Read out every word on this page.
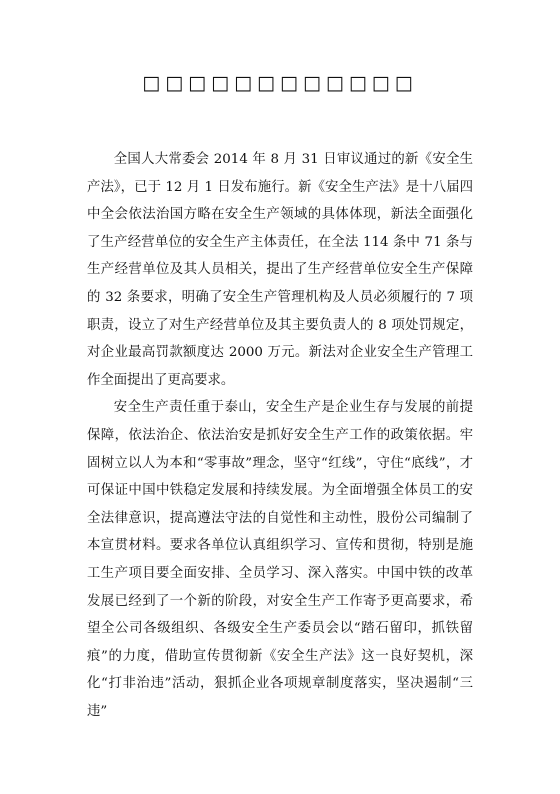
□□□□□□□□□□□□

全国人大常委会 2014 年 8 月 31 日审议通过的新《安全生产法》，已于 12 月 1 日发布施行。新《安全生产法》是十八届四中全会依法治国方略在安全生产领域的具体体现，新法全面强化了生产经营单位的安全生产主体责任，在全法 114 条中 71 条与生产经营单位及其人员相关，提出了生产经营单位安全生产保障的 32 条要求，明确了安全生产管理机构及人员必须履行的 7 项职责，设立了对生产经营单位及其主要负责人的 8 项处罚规定，对企业最高罚款额度达 2000 万元。新法对企业安全生产管理工作全面提出了更高要求。

安全生产责任重于泰山，安全生产是企业生存与发展的前提保障，依法治企、依法治安是抓好安全生产工作的政策依据。牢固树立以人为本和“零事故”理念，坚守“红线”，守住“底线”，才可保证中国中铁稳定发展和持续发展。为全面增强全体员工的安全法律意识，提高遵法守法的自觉性和主动性，股份公司编制了本宣贯材料。要求各单位认真组织学习、宣传和贯彻，特别是施工生产项目要全面安排、全员学习、深入落实。中国中铁的改革发展已经到了一个新的阶段，对安全生产工作寄予更高要求，希望全公司各级组织、各级安全生产委员会以“踏石留印，抓铁留痕”的力度，借助宣传贯彻新《安全生产法》这一良好契机，深化“打非治违”活动，狠抓企业各项规章制度落实，坚决遏制“三违”
